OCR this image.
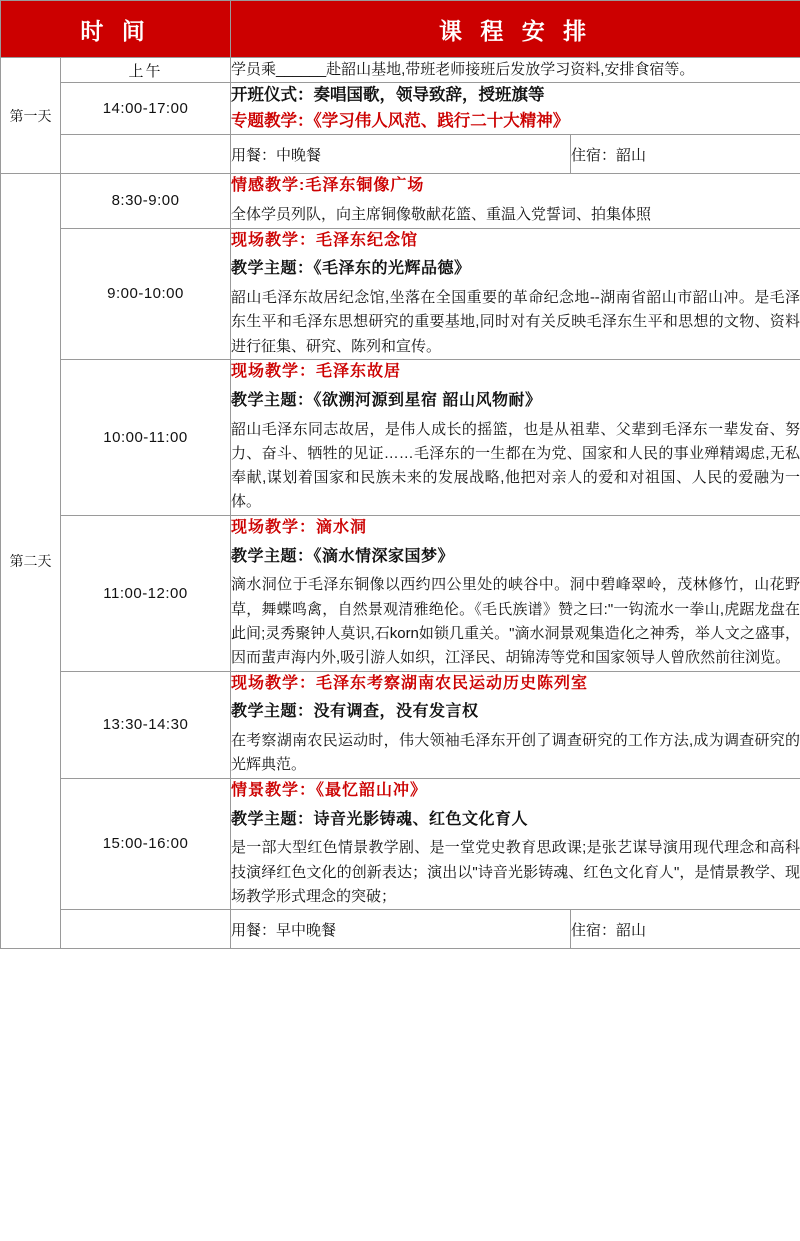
时 间		课 程 安 排	
第一天	上午	学员乘______赴韶山基地,带班老师接班后发放学习资料,安排食宿等。	

	14:00-17:00	开班仪式：奏唱国歌，领导致辞，授班旗等
专题教学：《学习伟人风范、践行二十大精神》	

		用餐：中晚餐	住宿：韶山
第二天	8:30-9:00	情感教学:毛泽东铜像广场
全体学员列队，向主席铜像敬献花篮、重温入党誓词、拍集体照	

	9:00-10:00	现场教学：毛泽东纪念馆
教学主题：《毛泽东的光辉品德》
韶山毛泽东故居纪念馆,坐落在全国重要的革命纪念地--湖南省韶山市韶山冲。是毛泽东生平和毛泽东思想研究的重要基地,同时对有关反映毛泽东生平和思想的文物、资料进行征集、研究、陈列和宣传。	

	10:00-11:00	现场教学：毛泽东故居
教学主题：《欲溯河源到星宿 韶山风物耐》
韶山毛泽东同志故居，是伟人成长的摇篮，也是从祖辈、父辈到毛泽东一辈发奋、努力、奋斗、牺牲的见证……毛泽东的一生都在为党、国家和人民的事业殚精竭虑,无私奉献,谋划着国家和民族未来的发展战略,他把对亲人的爱和对祖国、人民的爱融为一体。	

	11:00-12:00	现场教学：滴水洞
教学主题：《滴水情深家国梦》
滴水洞位于毛泽东铜像以西约四公里处的峡谷中。洞中碧峰翠岭，茂林修竹，山花野草，舞蝶鸣禽，自然景观清雅绝伦。《毛氏族谱》赞之曰:"一钩流水一拳山,虎踞龙盘在此间;灵秀聚钟人莫识,石korn如锁几重关。"滴水洞景观集造化之神秀，举人文之盛事，因而蜚声海内外,吸引游人如织，江泽民、胡锦涛等党和国家领导人曾欣然前往浏览。	

	13:30-14:30	现场教学：毛泽东考察湖南农民运动历史陈列室
教学主题：没有调查，没有发言权
在考察湖南农民运动时，伟大领袖毛泽东开创了调查研究的工作方法,成为调查研究的光辉典范。	

	15:00-16:00	情景教学：《最忆韶山冲》
教学主题：诗音光影铸魂、红色文化育人
是一部大型红色情景教学剧、是一堂党史教育思政课;是张艺谋导演用现代理念和高科技演绎红色文化的创新表达；演出以"诗音光影铸魂、红色文化育人"，是情景教学、现场教学形式理念的突破；	

		用餐：早中晚餐	住宿：韶山
